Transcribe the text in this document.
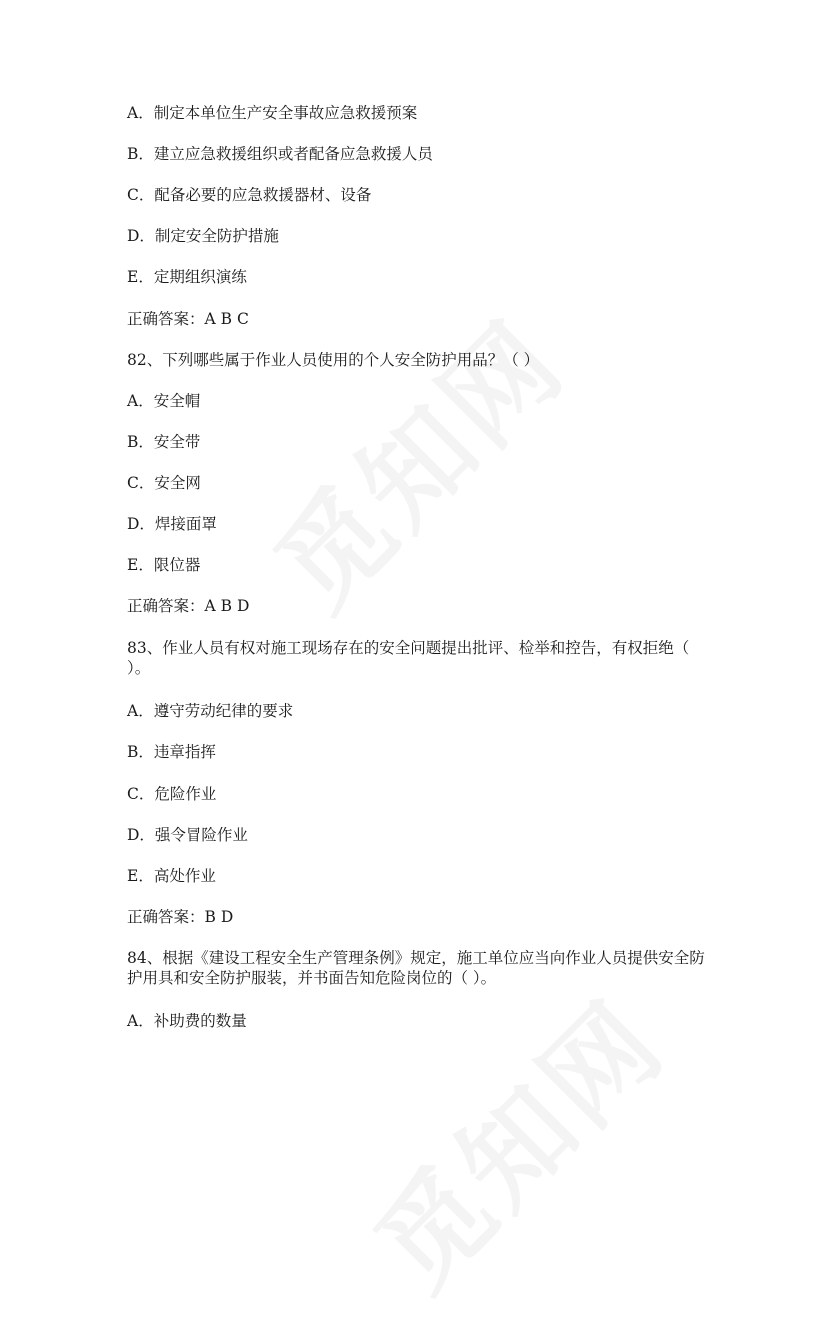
A．制定本单位生产安全事故应急救援预案
B．建立应急救援组织或者配备应急救援人员
C．配备必要的应急救援器材、设备
D．制定安全防护措施
E．定期组织演练
正确答案：A B C
82、下列哪些属于作业人员使用的个人安全防护用品？（ ）
A．安全帽
B．安全带
C．安全网
D．焊接面罩
E．限位器
正确答案：A B D
83、作业人员有权对施工现场存在的安全问题提出批评、检举和控告，有权拒绝（ ）。
A．遵守劳动纪律的要求
B．违章指挥
C．危险作业
D．强令冒险作业
E．高处作业
正确答案：B D
84、根据《建设工程安全生产管理条例》规定，施工单位应当向作业人员提供安全防护用具和安全防护服装，并书面告知危险岗位的（ ）。
A．补助费的数量
